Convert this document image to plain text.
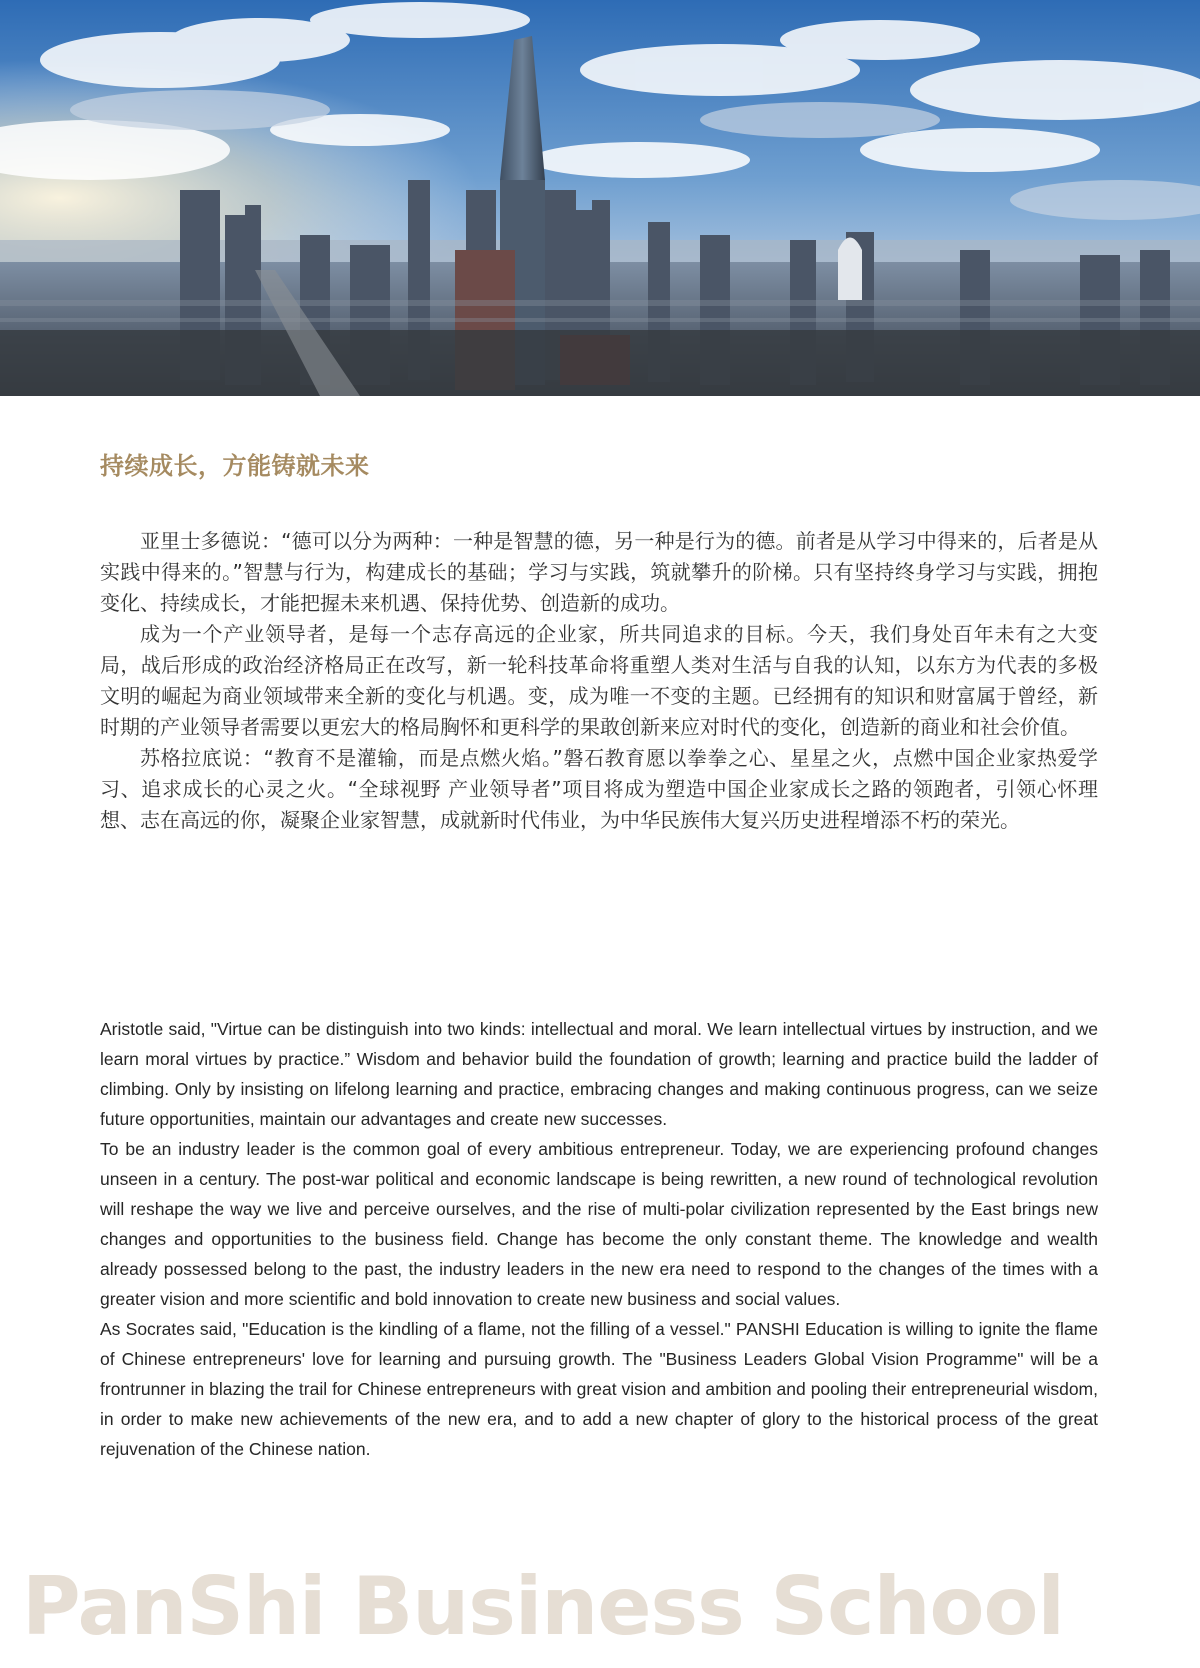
持续成长，方能铸就未来

亚里士多德说：“德可以分为两种：一种是智慧的德，另一种是行为的德。前者是从学习中得来的，后者是从实践中得来的。”智慧与行为，构建成长的基础；学习与实践，筑就攀升的阶梯。只有坚持终身学习与实践，拥抱变化、持续成长，才能把握未来机遇、保持优势、创造新的成功。

成为一个产业领导者，是每一个志存高远的企业家，所共同追求的目标。今天，我们身处百年未有之大变局，战后形成的政治经济格局正在改写，新一轮科技革命将重塑人类对生活与自我的认知，以东方为代表的多极文明的崛起为商业领域带来全新的变化与机遇。变，成为唯一不变的主题。已经拥有的知识和财富属于曾经，新时期的产业领导者需要以更宏大的格局胸怀和更科学的果敢创新来应对时代的变化，创造新的商业和社会价值。

苏格拉底说：“教育不是灌输，而是点燃火焰。”磐石教育愿以拳拳之心、星星之火，点燃中国企业家热爱学习、追求成长的心灵之火。“全球视野 产业领导者”项目将成为塑造中国企业家成长之路的领跑者，引领心怀理想、志在高远的你，凝聚企业家智慧，成就新时代伟业，为中华民族伟大复兴历史进程增添不朽的荣光。

Aristotle said, "Virtue can be distinguish into two kinds: intellectual and moral. We learn intellectual virtues by instruction, and we learn moral virtues by practice.” Wisdom and behavior build the foundation of growth; learning and practice build the ladder of climbing. Only by insisting on lifelong learning and practice, embracing changes and making continuous progress, can we seize future opportunities, maintain our advantages and create new successes.

To be an industry leader is the common goal of every ambitious entrepreneur. Today, we are experiencing profound changes unseen in a century. The post-war political and economic landscape is being rewritten, a new round of technological revolution will reshape the way we live and perceive ourselves, and the rise of multi-polar civilization represented by the East brings new changes and opportunities to the business field. Change has become the only constant theme. The knowledge and wealth already possessed belong to the past, the industry leaders in the new era need to respond to the changes of the times with a greater vision and more scientific and bold innovation to create new business and social values.

As Socrates said, "Education is the kindling of a flame, not the filling of a vessel." PANSHI Education is willing to ignite the flame of Chinese entrepreneurs' love for learning and pursuing growth. The "Business Leaders Global Vision Programme" will be a frontrunner in blazing the trail for Chinese entrepreneurs with great vision and ambition and pooling their entrepreneurial wisdom, in order to make new achievements of the new era, and to add a new chapter of glory to the historical process of the great rejuvenation of the Chinese nation.

PanShi Business School
